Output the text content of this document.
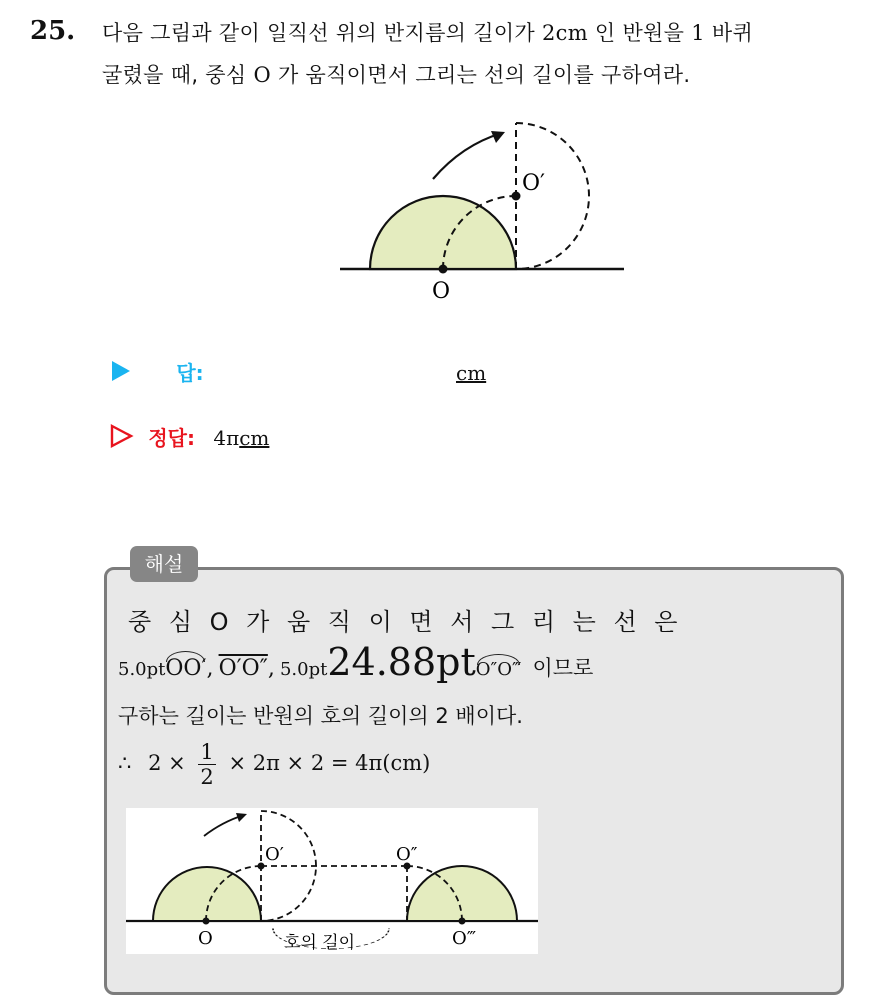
25. 다음 그림과 같이 일직선 위의 반지름의 길이가 2cm 인 반원을 1 바퀴
굴렸을 때, 중심 O 가 움직이면서 그리는 선의 길이를 구하여라.
O
O′
답:	cm
정답: 4πcm
해설
중 심 O 가 움 직 이 면 서 그 리 는 선 은
5.0ptOO′, O′O″, 5.0pt24.88ptO″O‴ 이므로
구하는 길이는 반원의 호의 길이의 2 배이다.
∴ $2 \times \frac{1}{2} \times 2\pi \times 2 = 4\pi(cm)$
O
O′	O″
O‴
호의 길이
